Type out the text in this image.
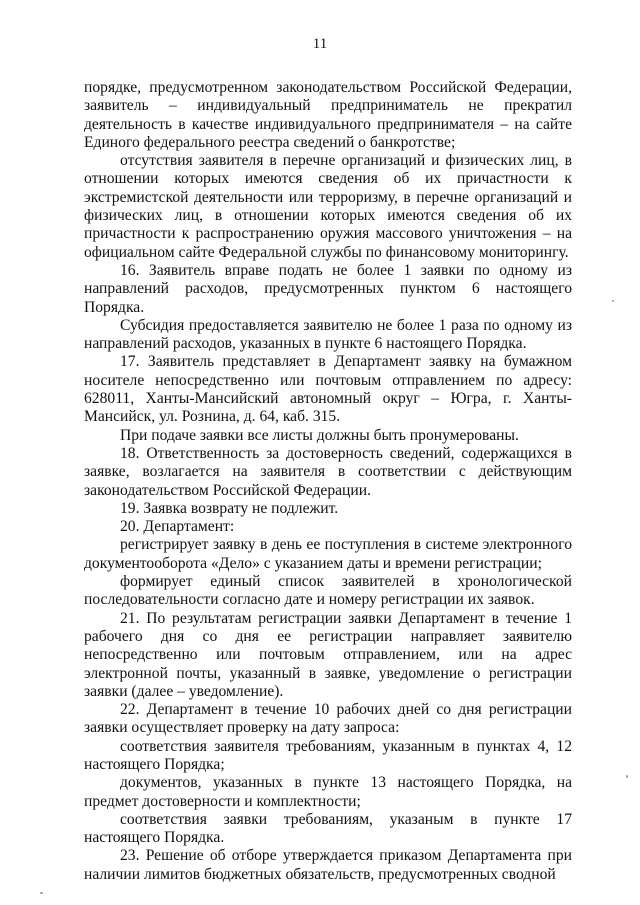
11

порядке, предусмотренном законодательством Российской Федерации, заявитель – индивидуальный предприниматель не прекратил деятельность в качестве индивидуального предпринимателя – на сайте Единого федерального реестра сведений о банкротстве;

отсутствия заявителя в перечне организаций и физических лиц, в отношении которых имеются сведения об их причастности к экстремистской деятельности или терроризму, в перечне организаций и физических лиц, в отношении которых имеются сведения об их причастности к распространению оружия массового уничтожения – на официальном сайте Федеральной службы по финансовому мониторингу.

16. Заявитель вправе подать не более 1 заявки по одному из направлений расходов, предусмотренных пунктом 6 настоящего Порядка.

Субсидия предоставляется заявителю не более 1 раза по одному из направлений расходов, указанных в пункте 6 настоящего Порядка.

17. Заявитель представляет в Департамент заявку на бумажном носителе непосредственно или почтовым отправлением по адресу: 628011, Ханты-Мансийский автономный округ – Югра, г. Ханты-Мансийск, ул. Рознина, д. 64, каб. 315.

При подаче заявки все листы должны быть пронумерованы.

18. Ответственность за достоверность сведений, содержащихся в заявке, возлагается на заявителя в соответствии с действующим законодательством Российской Федерации.

19. Заявка возврату не подлежит.

20. Департамент:

регистрирует заявку в день ее поступления в системе электронного документооборота «Дело» с указанием даты и времени регистрации;

формирует единый список заявителей в хронологической последовательности согласно дате и номеру регистрации их заявок.

21. По результатам регистрации заявки Департамент в течение 1 рабочего дня со дня ее регистрации направляет заявителю непосредственно или почтовым отправлением, или на адрес электронной почты, указанный в заявке, уведомление о регистрации заявки (далее – уведомление).

22. Департамент в течение 10 рабочих дней со дня регистрации заявки осуществляет проверку на дату запроса:

соответствия заявителя требованиям, указанным в пунктах 4, 12 настоящего Порядка;

документов, указанных в пункте 13 настоящего Порядка, на предмет достоверности и комплектности;

соответствия заявки требованиям, указаным в пункте 17 настоящего Порядка.

23. Решение об отборе утверждается приказом Департамента при наличии лимитов бюджетных обязательств, предусмотренных сводной
